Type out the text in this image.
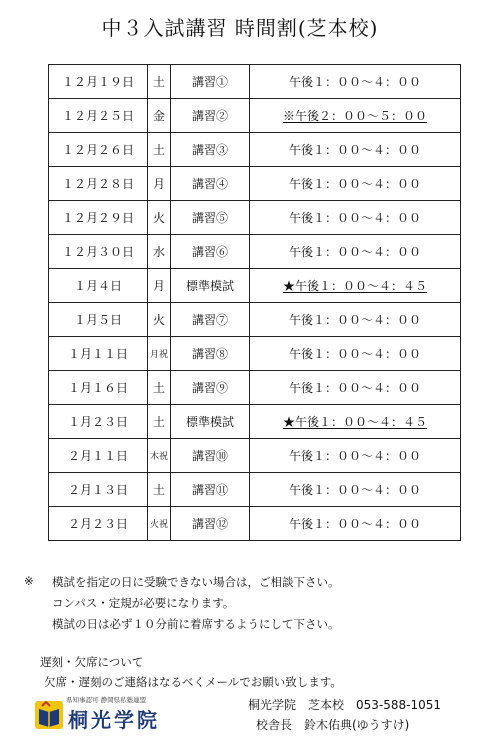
中３入試講習 時間割(芝本校)
１２月１９日	土	講習①	午後１：００～４：００
１２月２５日	金	講習②	※午後２：００～５：００
１２月２６日	土	講習③	午後１：００～４：００
１２月２８日	月	講習④	午後１：００～４：００
１２月２９日	火	講習⑤	午後１：００～４：００
１２月３０日	水	講習⑥	午後１：００～４：００
１月４日	月	標準模試	★午後１：００～４：４５
１月５日	火	講習⑦	午後１：００～４：００
１月１１日	月祝	講習⑧	午後１：００～４：００
１月１６日	土	講習⑨	午後１：００～４：００
１月２３日	土	標準模試	★午後１：００～４：４５
２月１１日	木祝	講習⑩	午後１：００～４：００
２月１３日	土	講習⑪	午後１：００～４：００
２月２３日	火祝	講習⑫	午後１：００～４：００
※ 模試を指定の日に受験できない場合は，ご相談下さい。
コンパス・定規が必要になります。
模試の日は必ず１０分前に着席するようにして下さい。
遅刻・欠席について
欠席・遅刻のご連絡はなるべくメールでお願い致します。
県知事認可 静岡県私塾連盟
桐光学院
桐光学院　芝本校　053-588-1051
校舎長　鈴木佑典(ゆうすけ)
